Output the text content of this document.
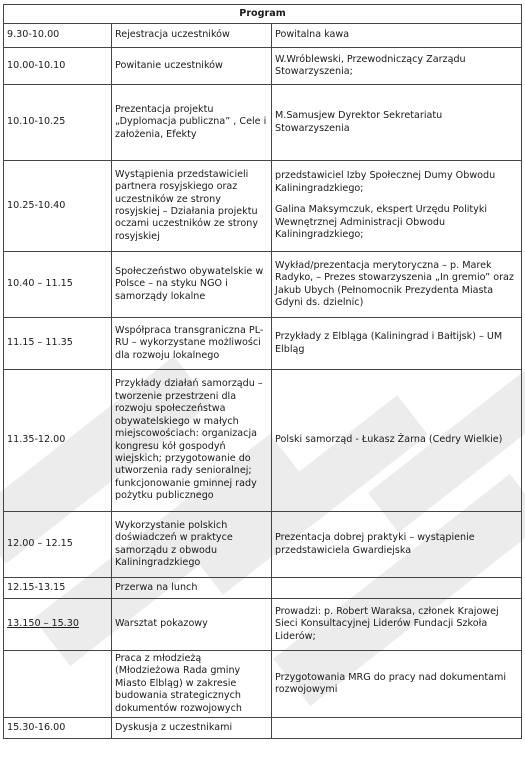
Program		
9.30-10.00	Rejestracja uczestników	Powitalna kawa

10.00-10.10	Powitanie uczestników	W.Wróblewski, Przewodniczący Zarządu Stowarzyszenia;

10.10-10.25	Prezentacja projektu „Dyplomacja publiczna” , Cele i założenia, Efekty	M.Samusjew Dyrektor Sekretariatu Stowarzyszenia

10.25-10.40	Wystąpienia przedstawicieli partnera rosyjskiego oraz uczestników ze strony rosyjskiej – Działania projektu oczami uczestników ze strony rosyjskiej	przedstawiciel Izby Społecznej Dumy Obwodu Kaliningradzkiego;
Galina Maksymczuk, ekspert Urzędu Polityki Wewnętrznej Administracji Obwodu Kaliningradzkiego;

10.40 – 11.15	Społeczeństwo obywatelskie w Polsce – na styku NGO i samorządy lokalne	Wykład/prezentacja merytoryczna – p. Marek Radyko, – Prezes stowarzyszenia „In gremio” oraz Jakub Ubych (Pełnomocnik Prezydenta Miasta Gdyni ds. dzielnic)

11.15 – 11.35	Współpraca transgraniczna PL-RU – wykorzystane możliwości dla rozwoju lokalnego	Przykłady z Elbląga (Kaliningrad i Bałtijsk) – UM Elbląg

11.35-12.00	Przykłady działań samorządu – tworzenie przestrzeni dla rozwoju społeczeństwa obywatelskiego w małych miejscowościach: organizacja kongresu kół gospodyń wiejskich; przygotowanie do utworzenia rady senioralnej; funkcjonowanie gminnej rady pożytku publicznego	Polski samorząd - Łukasz Żarna (Cedry Wielkie)

12.00 – 12.15	Wykorzystanie polskich doświadczeń w praktyce samorządu z obwodu Kaliningradzkiego	Prezentacja dobrej praktyki – wystąpienie przedstawiciela Gwardiejska

12.15-13.15	Przerwa na lunch	

13.150 – 15.30	Warsztat pokazowy	Prowadzi: p. Robert Waraksa, członek Krajowej Sieci Konsultacyjnej Liderów Fundacji Szkoła Liderów;

	Praca z młodzieżą (Młodzieżowa Rada gminy Miasto Elbląg) w zakresie budowania strategicznych dokumentów rozwojowych	Przygotowania MRG do pracy nad dokumentami rozwojowymi

15.30-16.00	Dyskusja z uczestnikami	
